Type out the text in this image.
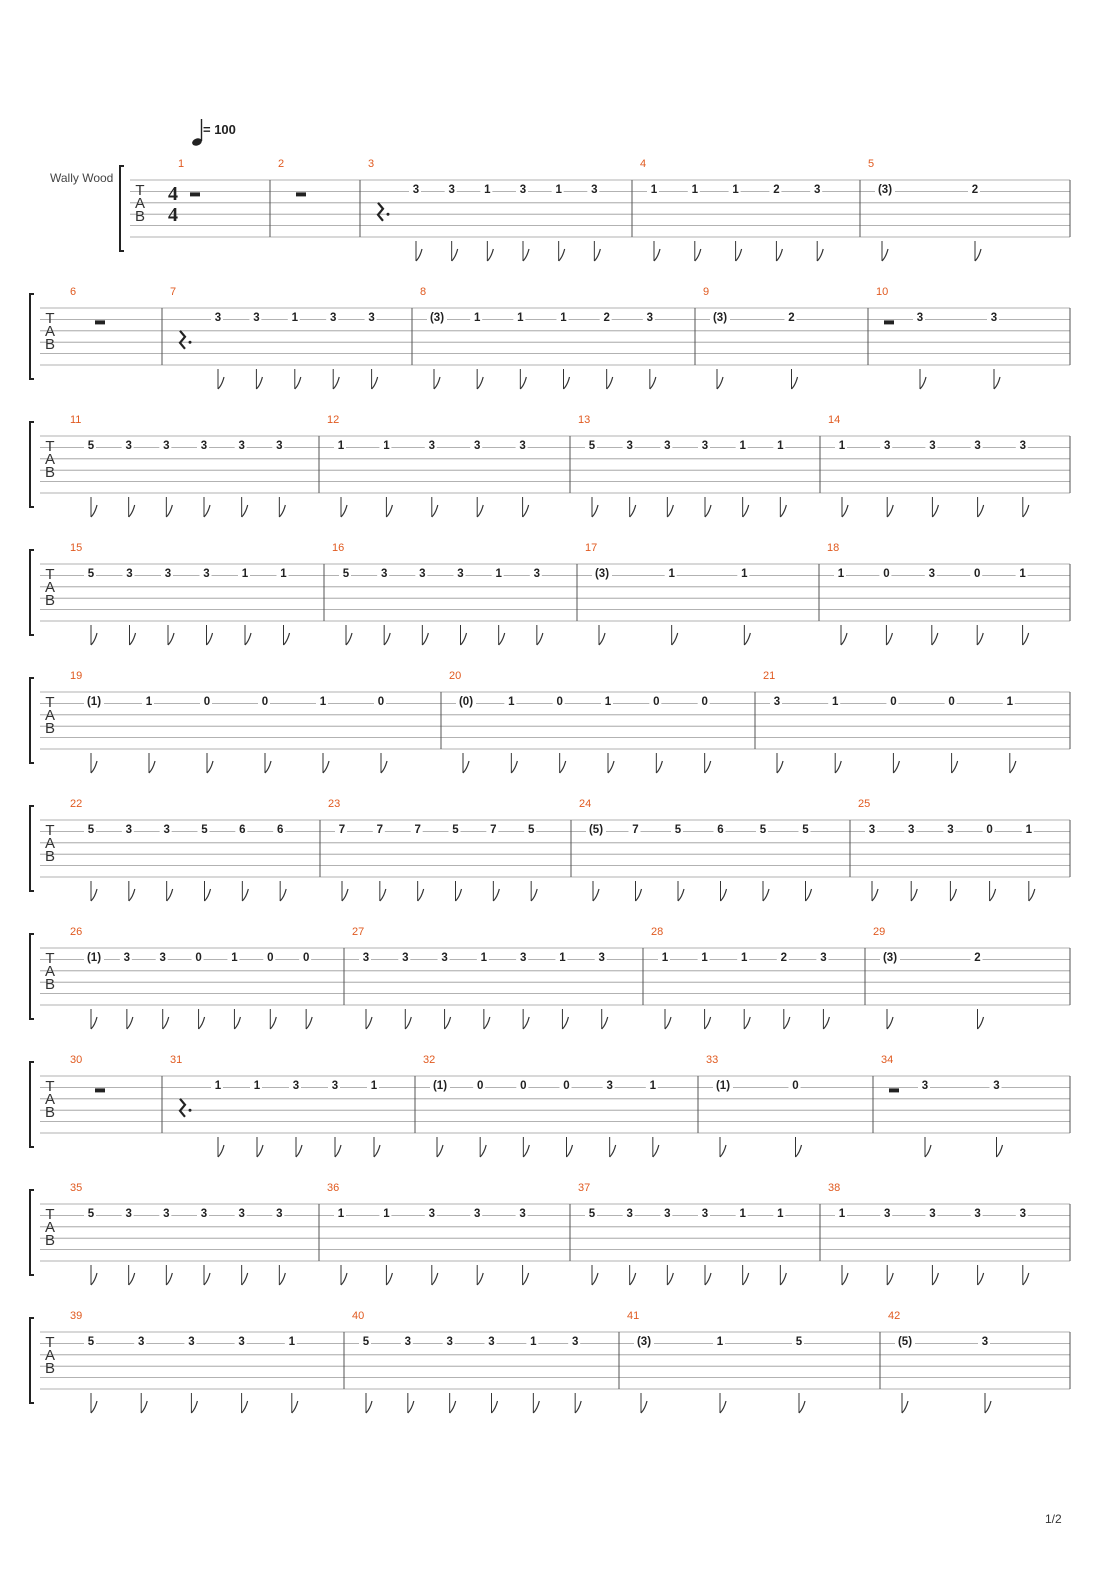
T
A
B
4
4
1	2	3
3	3	1	3	1	3
4
1	1	1	2	3
5
(3)	2
T
A
B
6	7
3	3	1	3	3
8
(3)	1	1	1	2	3
9
(3)	2
10
3	3
T
A
B
11
5	3	3	3	3	3
12
1	1	3	3	3
13
5	3	3	3	1	1
14
1	3	3	3	3
T
A
B
15
5	3	3	3	1	1
16
5	3	3	3	1	3
17
(3)	1	1
18
1	0	3	0	1
T
A
B
19
(1)	1	0	0	1	0
20
(0)	1	0	1	0	0
21
3	1	0	0	1
T
A
B
22
5	3	3	5	6	6
23
7	7	7	5	7	5
24
(5)	7	5	6	5	5
25
3	3	3	0	1
T
A
B
26
(1) 3	3	0	1	0	0
27
3	3	3	1	3	1	3
28
1	1	1	2	3
29
(3)	2
T
A
B
30	31
1	1	3	3	1
32
(1)	0	0	0	3	1
33
(1)	0
34
3	3
T
A
B
35
5	3	3	3	3	3
36
1	1	3	3	3
37
5	3	3	3	1	1
38
1	3	3	3	3
T
A
B
39
5	3	3	3	1
40
5	3	3	3	1	3
41
(3)	1	5
42
(5)	3
= 100
Wally Wood
1/2
